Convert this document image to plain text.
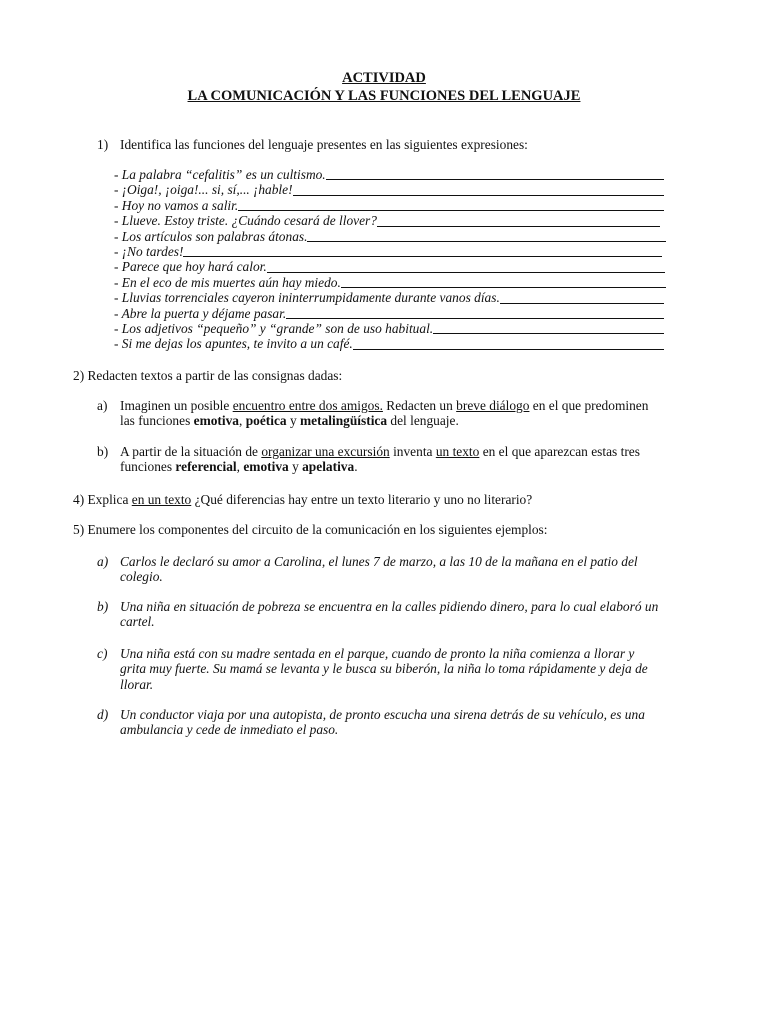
ACTIVIDAD
LA COMUNICACIÓN Y LAS FUNCIONES DEL LENGUAJE
1) Identifica las funciones del lenguaje presentes en las siguientes expresiones:
- La palabra “cefalitis” es un cultismo.
- ¡Oiga!, ¡oiga!... si, sí,... ¡hable!
- Hoy no vamos a salir.
- Llueve. Estoy triste. ¿Cuándo cesará de llover?
- Los artículos son palabras átonas.
- ¡No tardes!
- Parece que hoy hará calor.
- En el eco de mis muertes aún hay miedo.
- Lluvias torrenciales cayeron ininterrumpidamente durante vanos días.
- Abre la puerta y déjame pasar.
- Los adjetivos “pequeño” y “grande” son de uso habitual.
- Si me dejas los apuntes, te invito a un café.
2) Redacten textos a partir de las consignas dadas:
a) Imaginen un posible encuentro entre dos amigos. Redacten un breve diálogo en el que predominen
las funciones emotiva, poética y metalingüística del lenguaje.
b) A partir de la situación de organizar una excursión inventa un texto en el que aparezcan estas tres
funciones referencial, emotiva y apelativa.
4) Explica en un texto ¿Qué diferencias hay entre un texto literario y uno no literario?
5) Enumere los componentes del circuito de la comunicación en los siguientes ejemplos:
a) Carlos le declaró su amor a Carolina, el lunes 7 de marzo, a las 10 de la mañana en el patio del
colegio.
b) Una niña en situación de pobreza se encuentra en la calles pidiendo dinero, para lo cual elaboró un
cartel.
c) Una niña está con su madre sentada en el parque, cuando de pronto la niña comienza a llorar y
grita muy fuerte. Su mamá se levanta y le busca su biberón, la niña lo toma rápidamente y deja de
llorar.
d) Un conductor viaja por una autopista, de pronto escucha una sirena detrás de su vehículo, es una
ambulancia y cede de inmediato el paso.
